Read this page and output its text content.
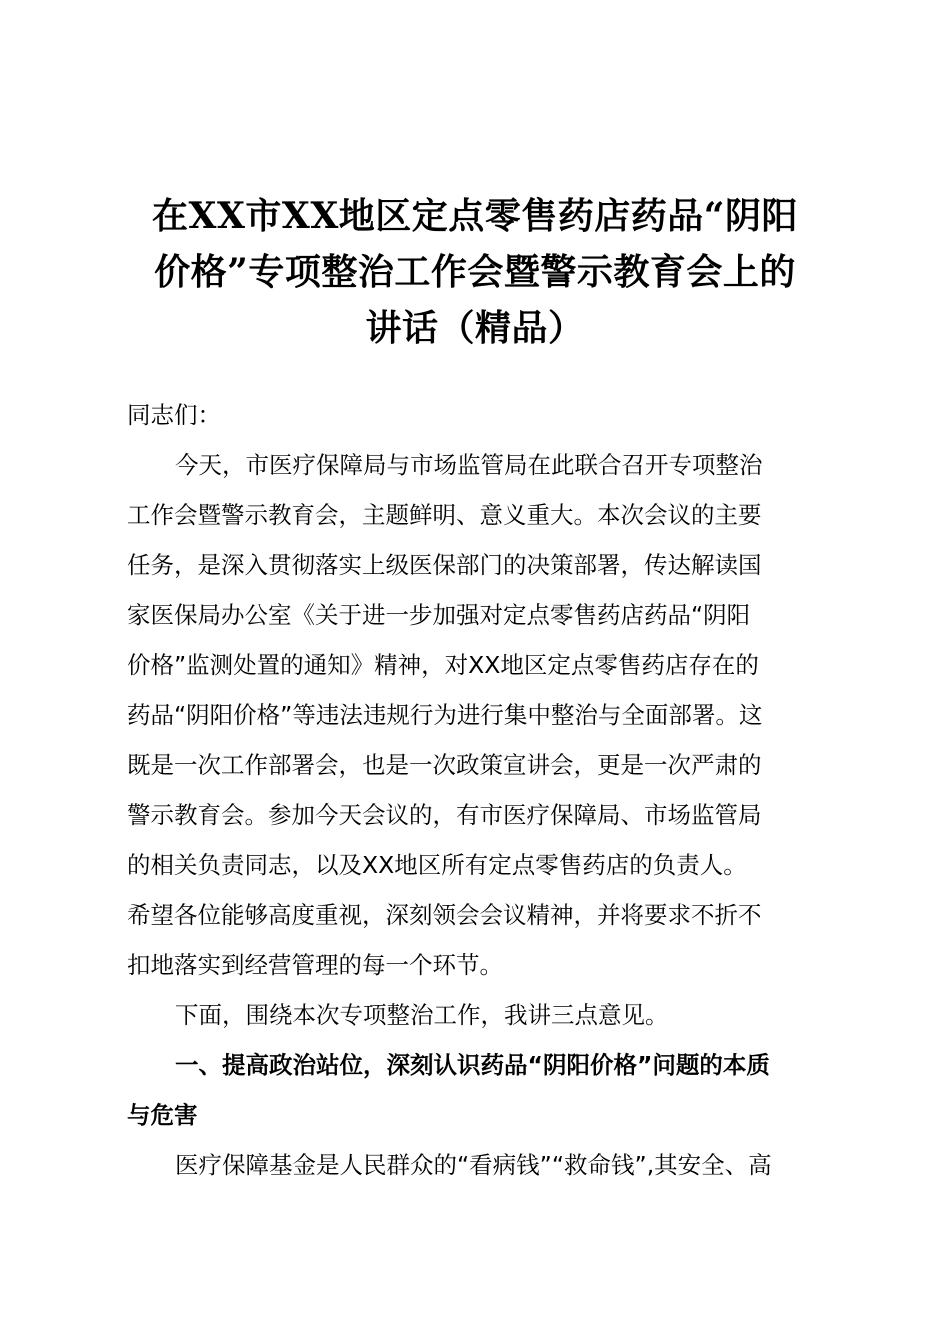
在XX市XX地区定点零售药店药品“阴阳
价格”专项整治工作会暨警示教育会上的
讲话（精品）

同志们：

今天，市医疗保障局与市场监管局在此联合召开专项整治

工作会暨警示教育会，主题鲜明、意义重大。本次会议的主要
任务，是深入贯彻落实上级医保部门的决策部署，传达解读国
家医保局办公室《关于进一步加强对定点零售药店药品“阴阳
价格”监测处置的通知》精神，对XX地区定点零售药店存在的
药品“阴阳价格”等违法违规行为进行集中整治与全面部署。这
既是一次工作部署会，也是一次政策宣讲会，更是一次严肃的
警示教育会。参加今天会议的，有市医疗保障局、市场监管局
的相关负责同志，以及XX地区所有定点零售药店的负责人。
希望各位能够高度重视，深刻领会会议精神，并将要求不折不
扣地落实到经营管理的每一个环节。

下面，围绕本次专项整治工作，我讲三点意见。

一、提高政治站位，深刻认识药品“阴阳价格”问题的本质

与危害

医疗保障基金是人民群众的“看病钱”“救命钱”,其安全、高
